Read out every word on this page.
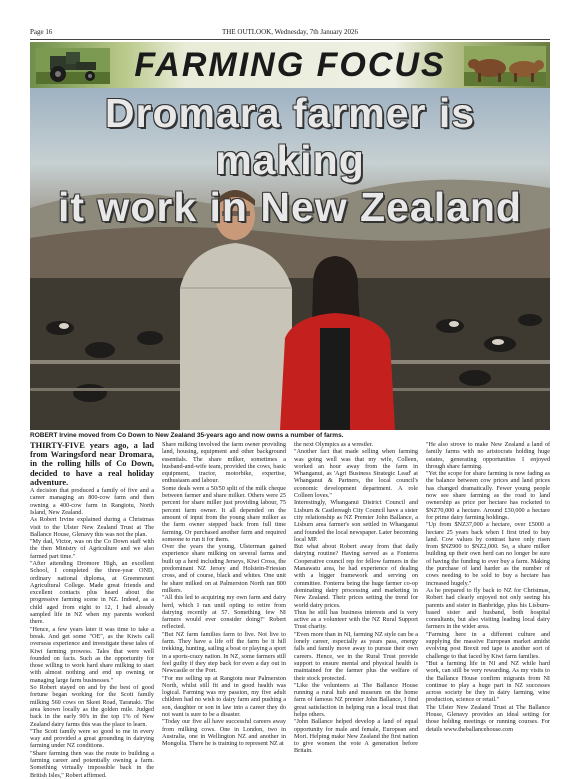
Page 16	THE OUTLOOK, Wednesday, 7th January 2026
FARMING FOCUS
Dromara farmer is making
it work in New Zealand
ROBERT Irvine moved from Co Down to New Zealand 35-years ago and now owns a number of farms.

THIRTY-FIVE years ago, a lad from Waringsford near Dromara, in the rolling hills of Co Down, decided to have a real holiday adventure.

A decision that produced a family of five and a career managing an 800-cow farm and then owning a 400-cow farm in Rangiotu, North Island, New Zealand.

As Robert Irvine explained during a Christmas visit to the Ulster New Zealand Trust at The Ballance House, Glenavy this was not the plan.

"My dad, Victor, was on the Co Down staff with the then Ministry of Agriculture and we also farmed part time."

"After attending Dromore High, an excellent School, I completed the three-year OND, ordinary national diploma, at Greenmount Agricultural College. Made great friends and excellent contacts plus heard about the progressive farming scene in NZ. Indeed, as a child aged from eight to 12, I had already sampled life in NZ when my parents worked there.

"Hence, a few years later it was time to take a break. And get some "OE", as the Kiwis call overseas experience and investigate these tales of Kiwi farming prowess. Tales that were well founded on facts. Such as the opportunity for those willing to work hard share milking to start with almost nothing and end up owning or managing large farm businesses."

So Robert stayed on and by the best of good fortune began working for the Scott family milking 560 cows on Skeet Road, Taranaki. The area known locally as the golden mile. Judged back in the early 90's in the top 1% of New Zealand dairy farms this was the place to learn.

"The Scott family were so good to me in every way and provided a great grounding in dairying farming under NZ conditions.

"Share farming then was the route to building a farming career and potentially owning a farm. Something virtually impossible back in the British Isles," Robert affirmed.

Share milking involved the farm owner providing land, housing, equipment and other background essentials. The share milker, sometimes a husband-and-wife team, provided the cows, basic equipment, tractor, motorbike, expertise, enthusiasm and labour.

Some deals were a 50/50 split of the milk cheque between farmer and share milker. Others were 25 percent for share miller just providing labour, 75 percent farm owner. It all depended on the amount of input from the young share milker as the farm owner stepped back from full time farming. Or purchased another farm and required someone to run it for them.

Over the years the young, Ulsterman gained experience share milking on several farms and built up a herd including Jerseys, Kiwi Cross, the predominant NZ Jersey and Holstein-Friesian cross, and of course, black and whites. One unit he share milked on at Palmerston North ran 800 milkers.

"All this led to acquiring my own farm and dairy herd, which I ran until opting to retire from dairying recently at 57. Something few NI farmers would ever consider doing!" Robert reflected.

"But NZ farm families farm to live. Not live to farm. They have a life off the farm be it hill trekking, hunting, sailing a boat or playing a sport in a sports-crazy nation. In NZ, some farmers still feel guilty if they step back for even a day out in Newcastle or the Port.

"For me selling up at Rangiotu near Palmerston North, whilst still fit and in good health was logical. Farming was my passion, my five adult children had no wish to dairy farm and pushing a son, daughter or son in law into a career they do not want is sure to be a disaster.

"Today our five all have successful careers away from milking cows. One in London, two in Australia, one in Wellington NZ and another in Mongolia. There he is training to represent NZ at

the next Olympics as a wrestler.

"Another fact that made selling when farming was going well was that my wife, Colleen, worked an hour away from the farm in Whanganui, as 'Agri Business Strategic Lead' at Whanganui & Partners, the local council's economic development department. A role Colleen loves."

Interestingly, Whanganui District Council and Lisburn & Castlereagh City Council have a sister city relationship as NZ Premier John Ballance, a Lisburn area farmer's son settled in Whanganui and founded the local newspaper. Later becoming local MP.

But what about Robert away from that daily dairying routine? Having served as a Fonterra Cooperative council rep for fellow farmers in the Manawatu area, he had experience of dealing with a bigger framework and serving on committee. Fonterra being the huge farmer co-op dominating dairy processing and marketing in New Zealand. Their prices setting the trend for world dairy prices.

Thus he still has business interests and is very active as a volunteer with the NZ Rural Support Trust charity.

"Even more than in NI, farming NZ style can be a lonely career, especially as years pass, energy falls and family move away to pursue their own careers. Hence, we in the Rural Trust provide support to ensure mental and physical health is maintained for the farmer plus the welfare of their stock protected.

"Like the volunteers at The Ballance House running a rural hub and museum on the home farm of famous NZ premier John Ballance, I find great satisfaction in helping run a local trust that helps others.

"John Ballance helped develop a land of equal opportunity for male and female, European and Mori. Helping make New Zealand the first nation to give women the vote A generation before Britain.

"He also strove to make New Zealand a land of family farms with no aristocrats holding huge estates, generating opportunities I enjoyed through share farming.

"Yet the scope for share farming is now fading as the balance between cow prices and land prices has changed dramatically. Fewer young people now see share farming as the road to land ownership as price per hectare has rocketed to $NZ70,000 a hectare. Around £30,000 a hectare for prime dairy farming holdings.

"Up from $NZ37,000 a hectare, over £5000 a hectare 25 years back when I first tried to buy land. Cow values by contrast have only risen from $NZ900 to $NZ2,000. So, a share milker building up their own herd can no longer be sure of having the funding to ever buy a farm. Making the purchase of land harder as the number of cows needing to be sold to buy a hectare has increased hugely."

As he prepared to fly back to NZ for Christmas, Robert had clearly enjoyed not only seeing his parents and sister in Banbridge, plus his Lisburn-based sister and husband, both hospital consultants, but also visiting leading local dairy farmers in the wider area.

"Farming here in a different culture and supplying the massive European market amidst evolving post Brexit red tape is another sort of challenge to that faced by Kiwi farm families.

"But a farming life in NI and NZ while hard work, can still be very rewarding. As my visits to the Ballance House confirm migrants from NI continue to play a huge part in NZ successes across society be they in dairy farming, wine production, science or retail."

The Ulster New Zealand Trust at The Ballance House, Glenavy provides an ideal setting for those holding meetings or running courses. For details www.theballancehouse.com
